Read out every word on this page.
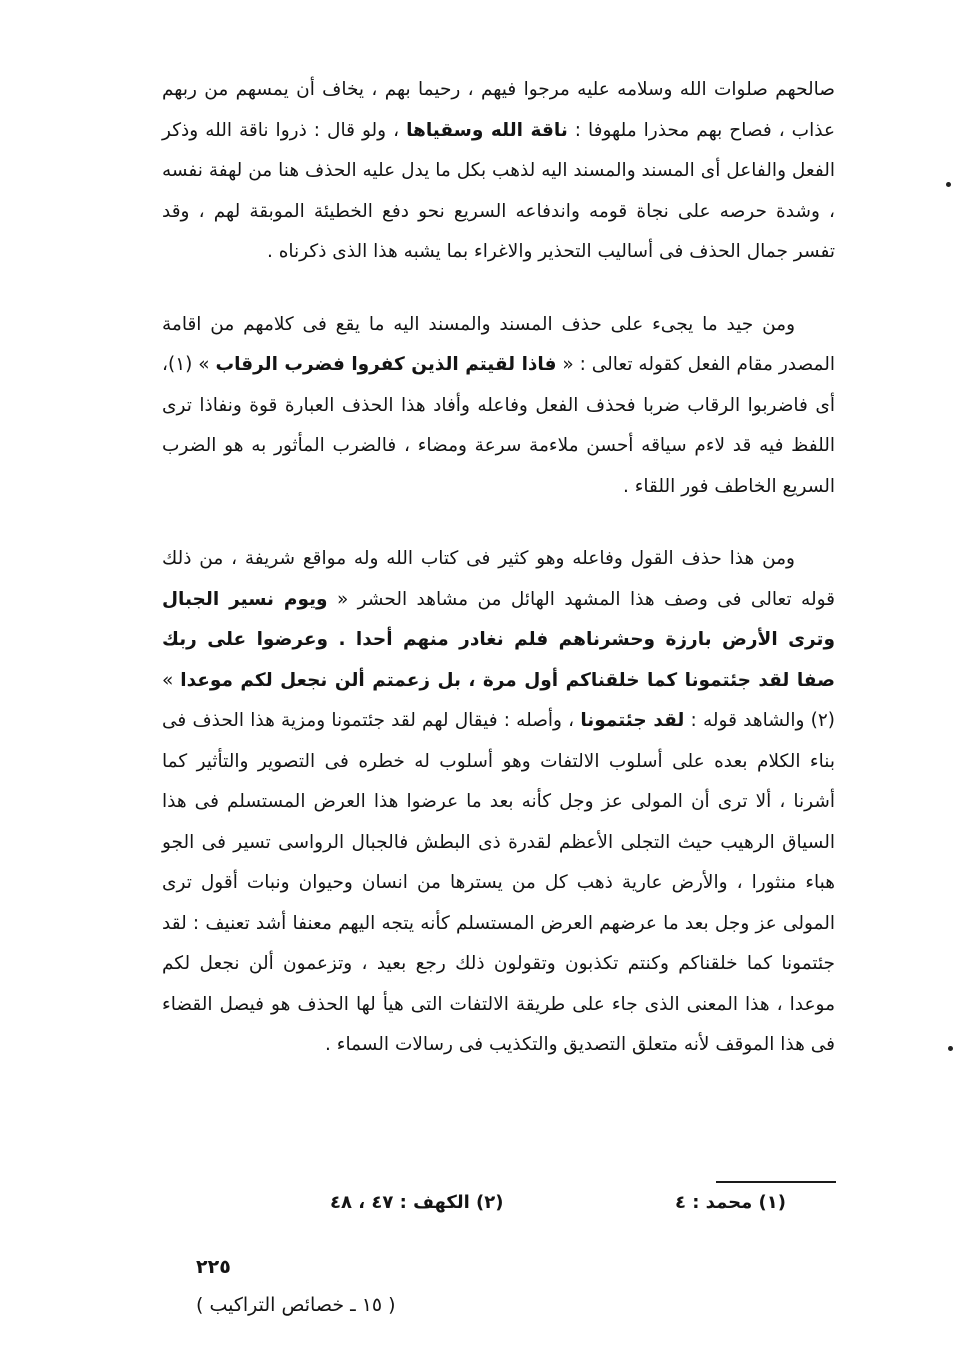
صالحهم صلوات الله وسلامه عليه مرجوا فيهم ، رحيما بهم ، يخاف أن يمسهم من ربهم عذاب ، فصاح بهم محذرا ملهوفا : ناقة الله وسقياها ، ولو قال : ذروا ناقة الله وذكر الفعل والفاعل أى المسند والمسند اليه لذهب بكل ما يدل عليه الحذف هنا من لهفة نفسه ، وشدة حرصه على نجاة قومه واندفاعه السريع نحو دفع الخطيئة الموبقة لهم ، وقد تفسر جمال الحذف فى أساليب التحذير والاغراء بما يشبه هذا الذى ذكرناه .

ومن جيد ما يجىء على حذف المسند والمسند اليه ما يقع فى كلامهم من اقامة المصدر مقام الفعل كقوله تعالى : « فاذا لقيتم الذين كفروا فضرب الرقاب » (١)، أى فاضربوا الرقاب ضربا فحذف الفعل وفاعله وأفاد هذا الحذف العبارة قوة ونفاذا ترى اللفظ فيه قد لاءم سياقه أحسن ملاءمة سرعة ومضاء ، فالضرب المأثور به هو الضرب السريع الخاطف فور اللقاء .

ومن هذا حذف القول وفاعله وهو كثير فى كتاب الله وله مواقع شريفة ، من ذلك قوله تعالى فى وصف هذا المشهد الهائل من مشاهد الحشر « ويوم نسير الجبال وترى الأرض بارزة وحشرناهم فلم نغادر منهم أحدا . وعرضوا على ربك صفا لقد جئتمونا كما خلقناكم أول مرة ، بل زعمتم ألن نجعل لكم موعدا » (٢) والشاهد قوله : لقد جئتمونا ، وأصله : فيقال لهم لقد جئتمونا ومزية هذا الحذف فى بناء الكلام بعده على أسلوب الالتفات وهو أسلوب له خطره فى التصوير والتأثير كما أشرنا ، ألا ترى أن المولى عز وجل كأنه بعد ما عرضوا هذا العرض المستسلم فى هذا السياق الرهيب حيث التجلى الأعظم لقدرة ذى البطش فالجبال الرواسى تسير فى الجو هباء منثورا ، والأرض عارية ذهب كل من يسترها من انسان وحيوان ونبات أقول ترى المولى عز وجل بعد ما عرضهم العرض المستسلم كأنه يتجه اليهم معنفا أشد تعنيف : لقد جئتمونا كما خلقناكم وكنتم تكذبون وتقولون ذلك رجع بعيد ، وتزعمون ألن نجعل لكم موعدا ، هذا المعنى الذى جاء على طريقة الالتفات التى هيأ لها الحذف هو فيصل القضاء فى هذا الموقف لأنه متعلق التصديق والتكذيب فى رسالات السماء .

(١) محمد : ٤
(٢) الكهف : ٤٧ ، ٤٨
٢٢٥
( ١٥ ـ خصائص التراكيب )
